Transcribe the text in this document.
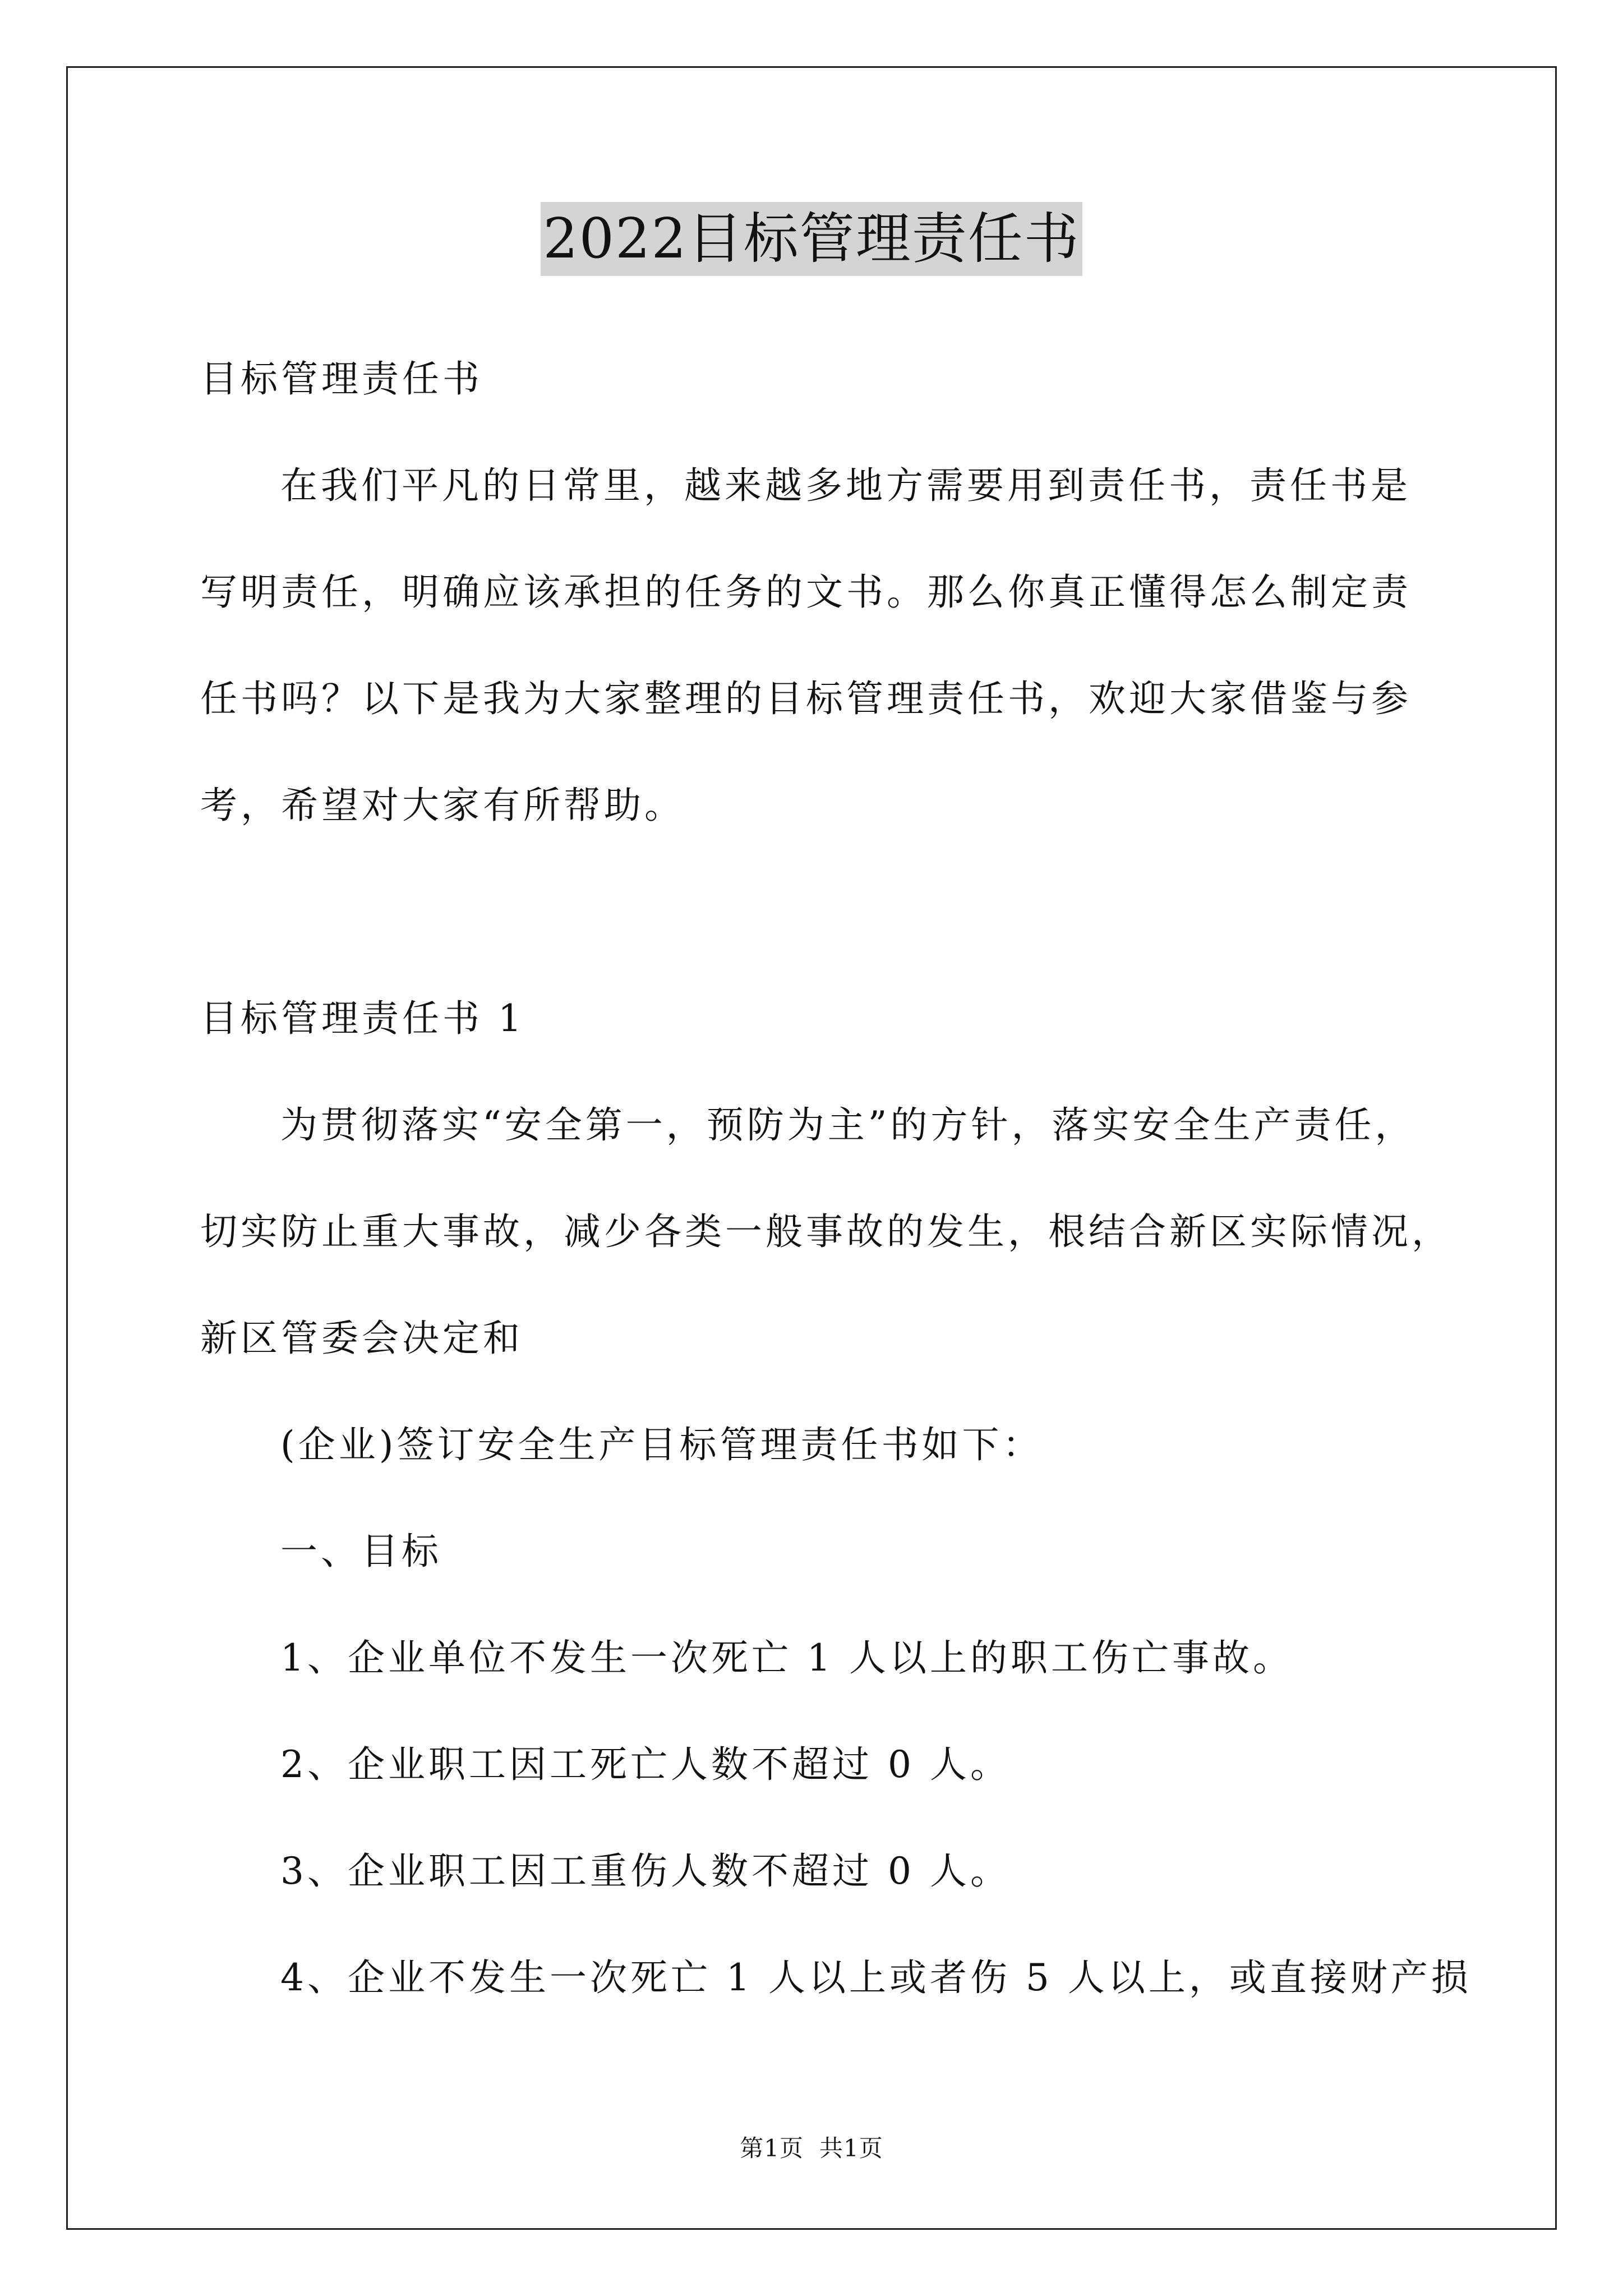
2022目标管理责任书
目标管理责任书
在我们平凡的日常里，越来越多地方需要用到责任书，责任书是
写明责任，明确应该承担的任务的文书。那么你真正懂得怎么制定责
任书吗？以下是我为大家整理的目标管理责任书，欢迎大家借鉴与参
考，希望对大家有所帮助。
目标管理责任书 1
为贯彻落实“安全第一，预防为主”的方针，落实安全生产责任，
切实防止重大事故，减少各类一般事故的发生，根结合新区实际情况，
新区管委会决定和
(企业)签订安全生产目标管理责任书如下：
一、目标
1、企业单位不发生一次死亡 1 人以上的职工伤亡事故。
2、企业职工因工死亡人数不超过 0 人。
3、企业职工因工重伤人数不超过 0 人。
4、企业不发生一次死亡 1 人以上或者伤 5 人以上，或直接财产损
第1页 共1页
